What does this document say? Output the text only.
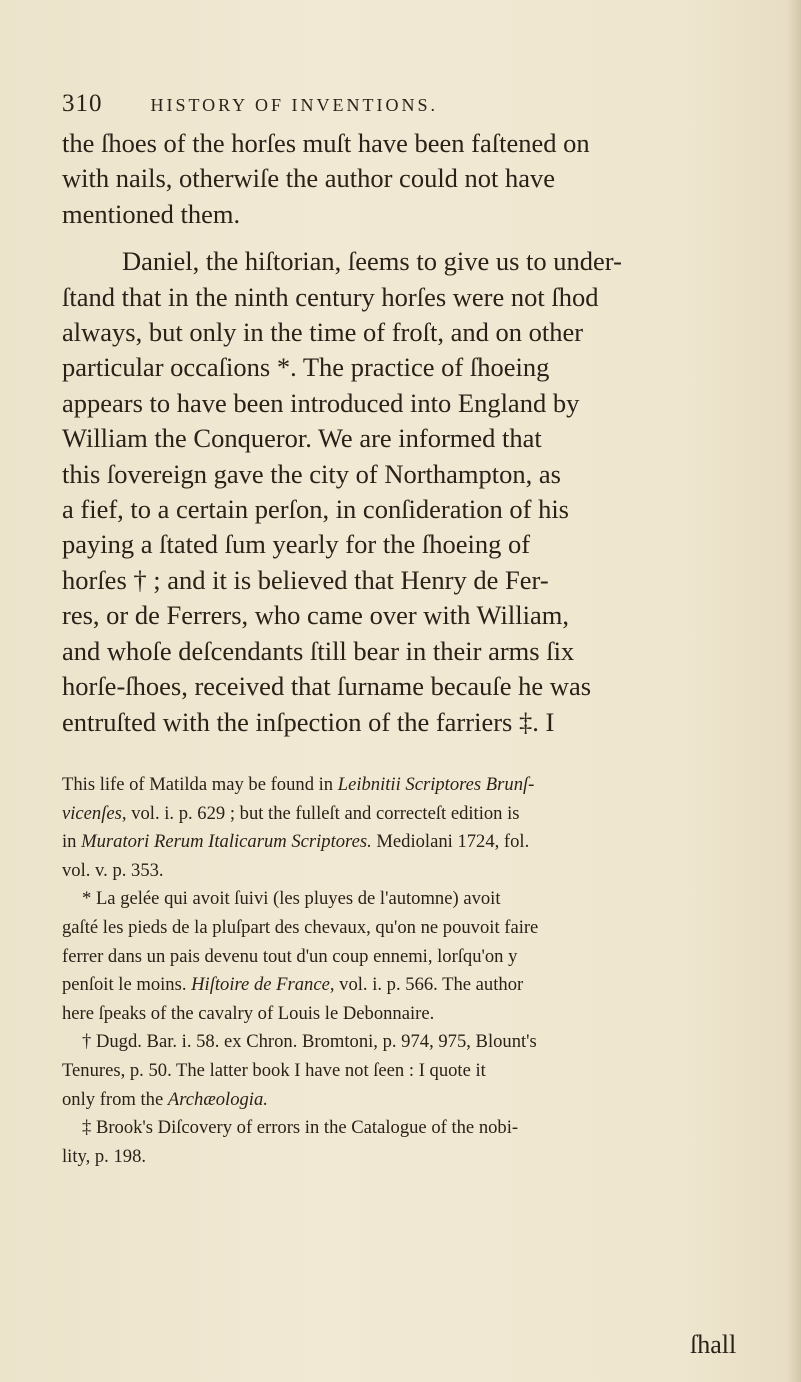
310	HISTORY OF INVENTIONS.

the ſhoes of the horſes muſt have been faſtened on
with nails, otherwiſe the author could not have
mentioned them.

Daniel, the hiſtorian, ſeems to give us to under-
ſtand that in the ninth century horſes were not ſhod
always, but only in the time of froſt, and on other
particular occaſions *. The practice of ſhoeing
appears to have been introduced into England by
William the Conqueror. We are informed that
this ſovereign gave the city of Northampton, as
a fief, to a certain perſon, in conſideration of his
paying a ſtated ſum yearly for the ſhoeing of
horſes † ; and it is believed that Henry de Fer-
res, or de Ferrers, who came over with William,
and whoſe deſcendants ſtill bear in their arms ſix
horſe-ſhoes, received that ſurname becauſe he was
entruſted with the inſpection of the farriers ‡. I

This life of Matilda may be found in Leibnitii Scriptores Brunſ-
vicenſes, vol. i. p. 629 ; but the fulleſt and correcteſt edition is
in Muratori Rerum Italicarum Scriptores. Mediolani 1724, fol.
vol. v. p. 353.
* La gelée qui avoit ſuivi (les pluyes de l'automne) avoit
gaſté les pieds de la pluſpart des chevaux, qu'on ne pouvoit faire
ferrer dans un pais devenu tout d'un coup ennemi, lorſqu'on y
penſoit le moins. Hiſtoire de France, vol. i. p. 566. The author
here ſpeaks of the cavalry of Louis le Debonnaire.
† Dugd. Bar. i. 58. ex Chron. Bromtoni, p. 974, 975, Blount's
Tenures, p. 50. The latter book I have not ſeen : I quote it
only from the Archæologia.
‡ Brook's Diſcovery of errors in the Catalogue of the nobi-
lity, p. 198.
ſhall
